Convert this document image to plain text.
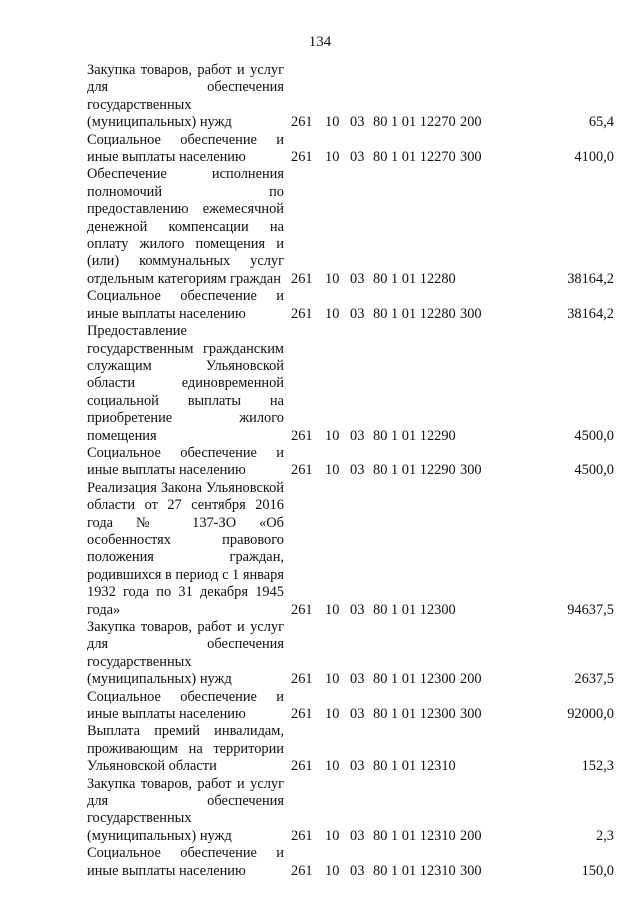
134
Закупка товаров, работ и услуг для обеспечения государственных (муниципальных) нужд	261	10	03	80 1 01 12270	200	65,4
Социальное обеспечение и иные выплаты населению	261	10	03	80 1 01 12270	300	4100,0
Обеспечение исполнения полномочий по предоставлению ежемесячной денежной компенсации на оплату жилого помещения и (или) коммунальных услуг отдельным категориям граждан	261	10	03	80 1 01 12280		38164,2
Социальное обеспечение и иные выплаты населению	261	10	03	80 1 01 12280	300	38164,2
Предоставление государственным гражданским служащим Ульяновской области единовременной социальной выплаты на приобретение жилого помещения	261	10	03	80 1 01 12290		4500,0
Социальное обеспечение и иные выплаты населению	261	10	03	80 1 01 12290	300	4500,0
Реализация Закона Ульяновской области от 27 сентября 2016 года № 137-ЗО «Об особенностях правового положения граждан, родившихся в период с 1 января 1932 года по 31 декабря 1945 года»	261	10	03	80 1 01 12300		94637,5
Закупка товаров, работ и услуг для обеспечения государственных (муниципальных) нужд	261	10	03	80 1 01 12300	200	2637,5
Социальное обеспечение и иные выплаты населению	261	10	03	80 1 01 12300	300	92000,0
Выплата премий инвалидам, проживающим на территории Ульяновской области	261	10	03	80 1 01 12310		152,3
Закупка товаров, работ и услуг для обеспечения государственных (муниципальных) нужд	261	10	03	80 1 01 12310	200	2,3
Социальное обеспечение и иные выплаты населению	261	10	03	80 1 01 12310	300	150,0
